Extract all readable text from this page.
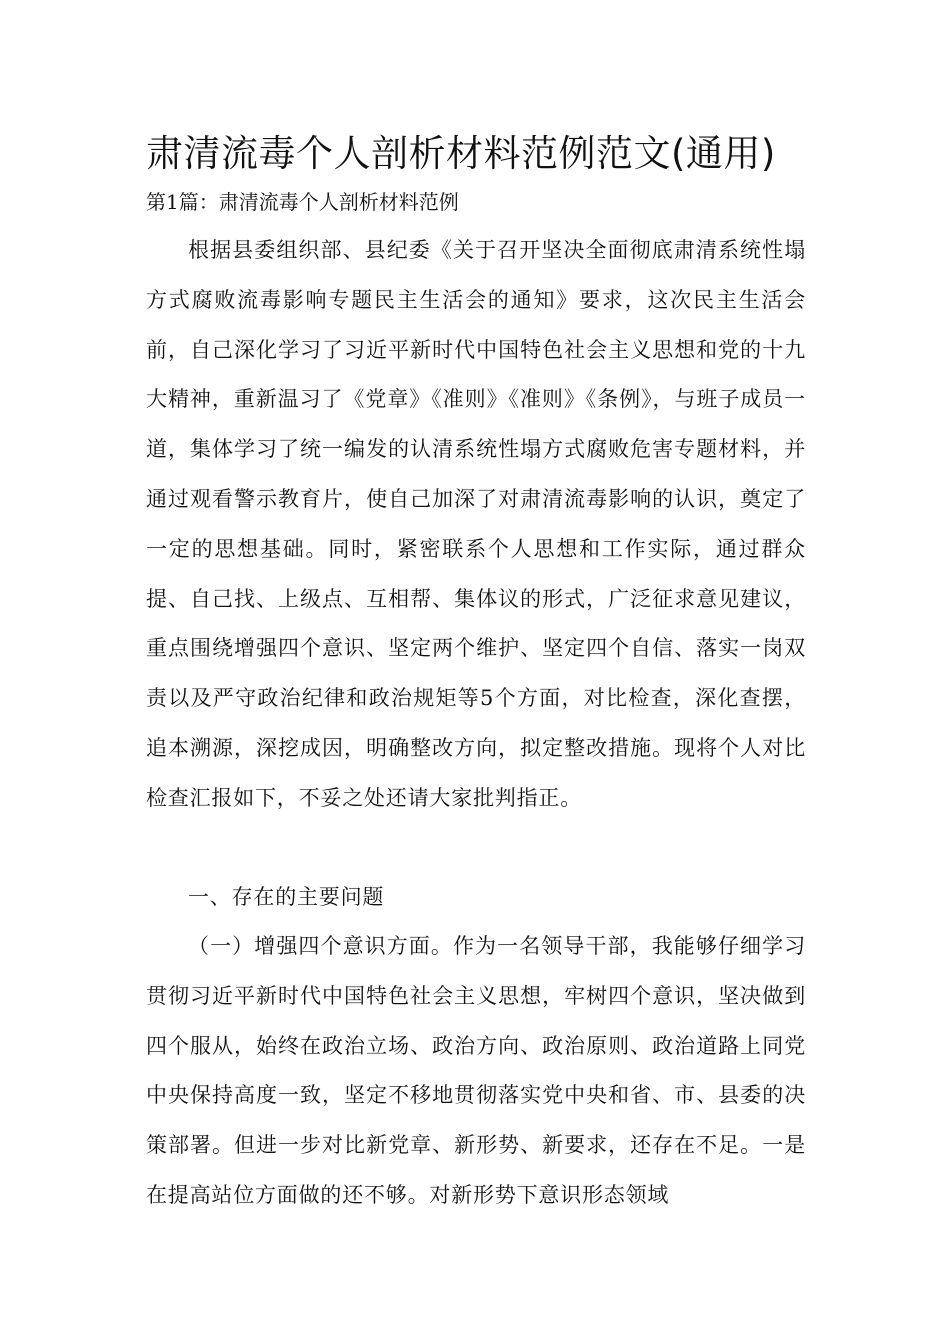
肃清流毒个人剖析材料范例范文(通用)
第1篇：肃清流毒个人剖析材料范例

根据县委组织部、县纪委《关于召开坚决全面彻底肃清系统性塌方式腐败流毒影响专题民主生活会的通知》要求，这次民主生活会前，自己深化学习了习近平新时代中国特色社会主义思想和党的十九大精神，重新温习了《党章》《准则》《准则》《条例》，与班子成员一道，集体学习了统一编发的认清系统性塌方式腐败危害专题材料，并通过观看警示教育片，使自己加深了对肃清流毒影响的认识，奠定了一定的思想基础。同时，紧密联系个人思想和工作实际，通过群众提、自己找、上级点、互相帮、集体议的形式，广泛征求意见建议，重点围绕增强四个意识、坚定两个维护、坚定四个自信、落实一岗双责以及严守政治纪律和政治规矩等5个方面，对比检查，深化查摆，追本溯源，深挖成因，明确整改方向，拟定整改措施。现将个人对比检查汇报如下，不妥之处还请大家批判指正。

一、存在的主要问题

（一）增强四个意识方面。作为一名领导干部，我能够仔细学习贯彻习近平新时代中国特色社会主义思想，牢树四个意识，坚决做到四个服从，始终在政治立场、政治方向、政治原则、政治道路上同党中央保持高度一致，坚定不移地贯彻落实党中央和省、市、县委的决策部署。但进一步对比新党章、新形势、新要求，还存在不足。一是在提高站位方面做的还不够。对新形势下意识形态领域
